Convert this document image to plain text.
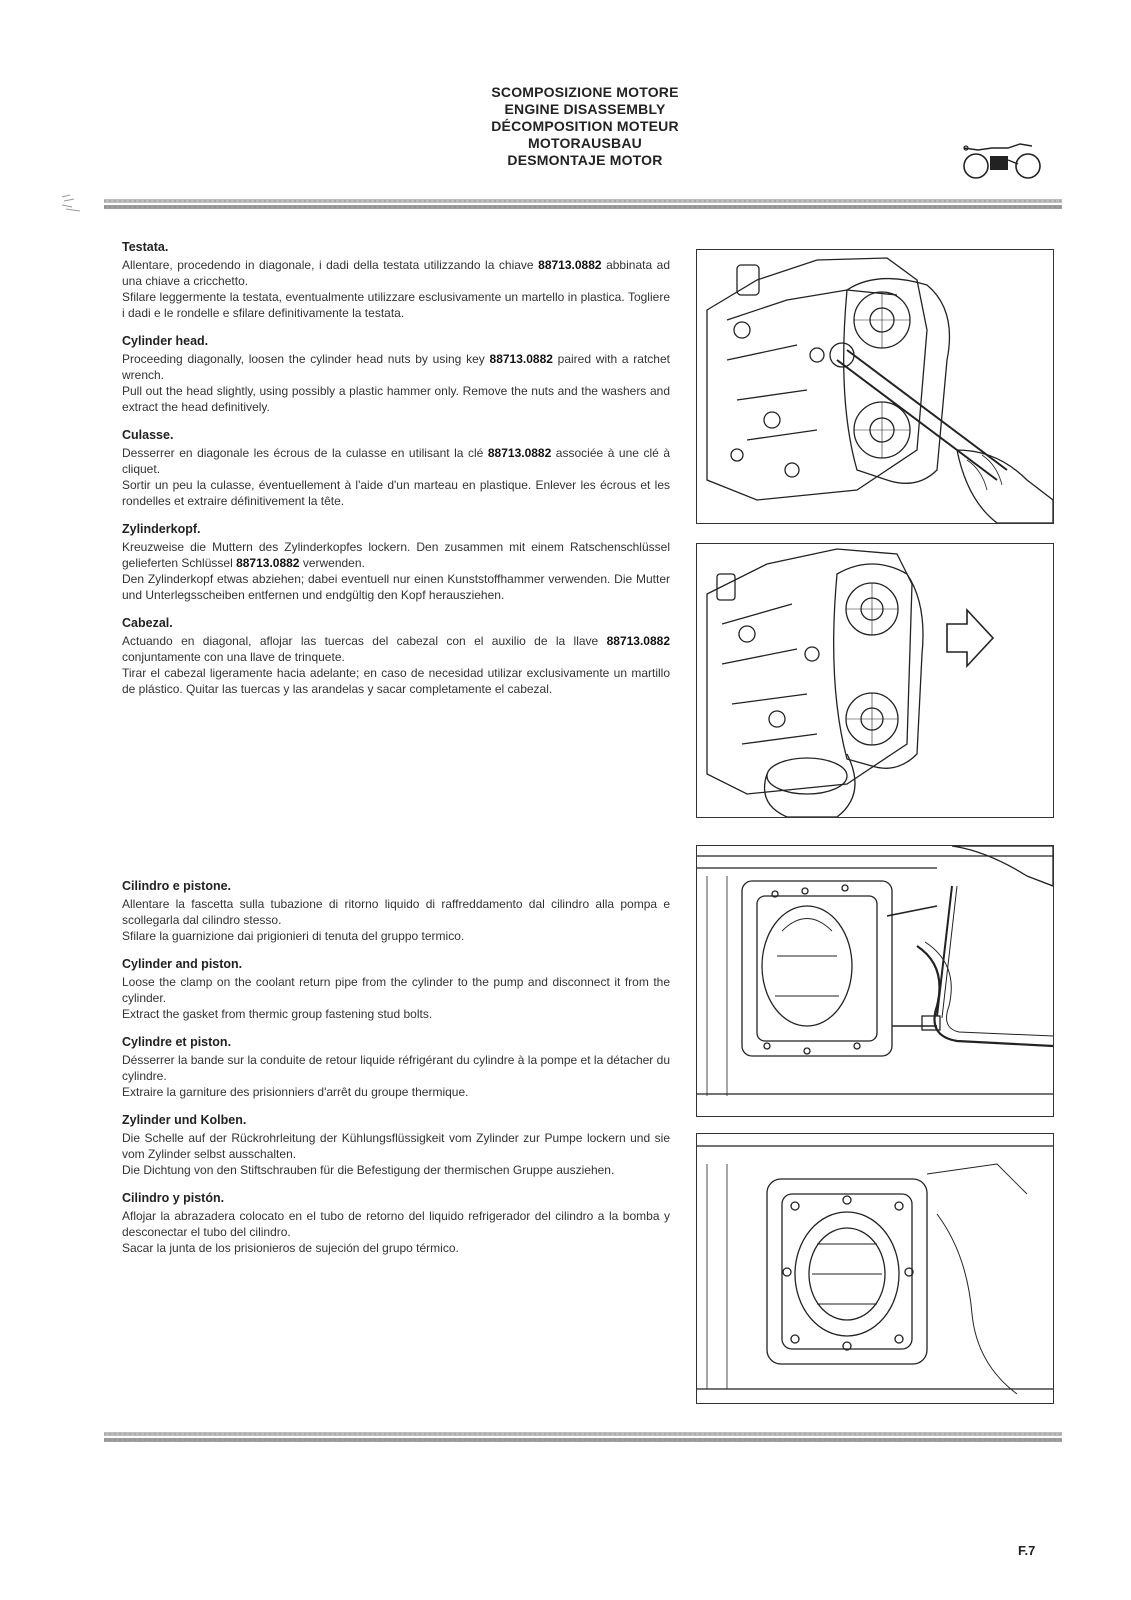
SCOMPOSIZIONE MOTORE
ENGINE DISASSEMBLY
DÉCOMPOSITION MOTEUR
MOTORAUSBAU
DESMONTAJE MOTOR
Testata.

Allentare, procedendo in diagonale, i dadi della testata utilizzando la chiave 88713.0882 abbinata ad una chiave a cricchetto.

Sfilare leggermente la testata, eventualmente utilizzare esclusivamente un martello in plastica. Togliere i dadi e le rondelle e sfilare definitivamente la testata.

Cylinder head.

Proceeding diagonally, loosen the cylinder head nuts by using key 88713.0882 paired with a ratchet wrench.

Pull out the head slightly, using possibly a plastic hammer only. Remove the nuts and the washers and extract the head definitively.

Culasse.

Desserrer en diagonale les écrous de la culasse en utilisant la clé 88713.0882 associée à une clé à cliquet.

Sortir un peu la culasse, éventuellement à l'aide d'un marteau en plastique. Enlever les écrous et les rondelles et extraire définitivement la tête.

Zylinderkopf.

Kreuzweise die Muttern des Zylinderkopfes lockern. Den zusammen mit einem Ratschenschlüssel gelieferten Schlüssel 88713.0882 verwenden.

Den Zylinderkopf etwas abziehen; dabei eventuell nur einen Kunststoffhammer verwenden. Die Mutter und Unterlegsscheiben entfernen und endgültig den Kopf herausziehen.

Cabezal.

Actuando en diagonal, aflojar las tuercas del cabezal con el auxilio de la llave 88713.0882 conjuntamente con una llave de trinquete.

Tirar el cabezal ligeramente hacia adelante; en caso de necesidad utilizar exclusivamente un martillo de plástico. Quitar las tuercas y las arandelas y sacar completamente el cabezal.

Cilindro e pistone.

Allentare la fascetta sulla tubazione di ritorno liquido di raffreddamento dal cilindro alla pompa e scollegarla dal cilindro stesso.

Sfilare la guarnizione dai prigionieri di tenuta del gruppo termico.

Cylinder and piston.

Loose the clamp on the coolant return pipe from the cylinder to the pump and disconnect it from the cylinder.

Extract the gasket from thermic group fastening stud bolts.

Cylindre et piston.

Désserrer la bande sur la conduite de retour liquide réfrigérant du cylindre à la pompe et la détacher du cylindre.

Extraire la garniture des prisionniers d'arrêt du groupe thermique.

Zylinder und Kolben.

Die Schelle auf der Rückrohrleitung der Kühlungsflüssigkeit vom Zylinder zur Pumpe lockern und sie vom Zylinder selbst ausschalten.

Die Dichtung von den Stiftschrauben für die Befestigung der thermischen Gruppe ausziehen.

Cilindro y pistón.

Aflojar la abrazadera colocato en el tubo de retorno del liquido refrigerador del cilindro a la bomba y desconectar el tubo del cilindro.

Sacar la junta de los prisionieros de sujeción del grupo térmico.

F.7
